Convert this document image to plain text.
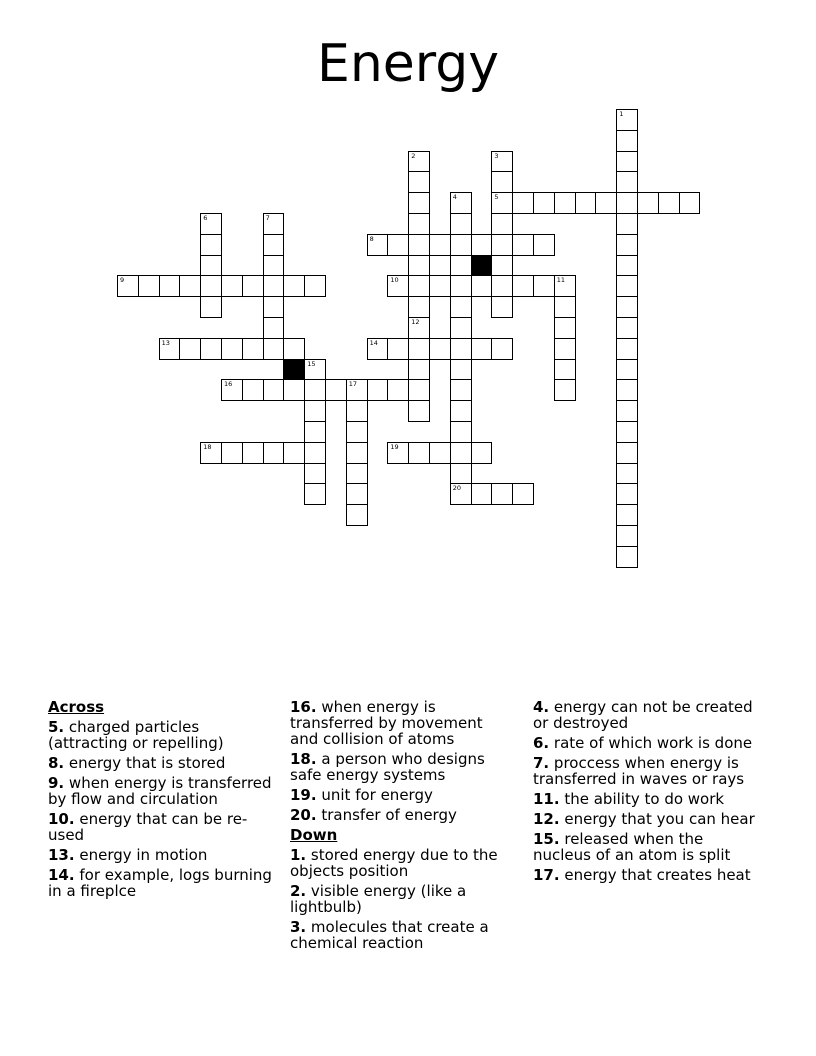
Energy
1
2
12
3
5
4
20
6	7
8
9	10	11
13	14
15
16	17
18	19
Across
5. charged particles (attracting or repelling)
8. energy that is stored
9. when energy is transferred by flow and circulation
10. energy that can be re-used
13. energy in motion
14. for example, logs burning in a fireplce
16. when energy is transferred by movement and collision of atoms
18. a person who designs safe energy systems
19. unit for energy
20. transfer of energy
Down
1. stored energy due to the objects position
2. visible energy (like a lightbulb)
3. molecules that create a chemical reaction
4. energy can not be created or destroyed
6. rate of which work is done
7. proccess when energy is transferred in waves or rays
11. the ability to do work
12. energy that you can hear
15. released when the nucleus of an atom is split
17. energy that creates heat
